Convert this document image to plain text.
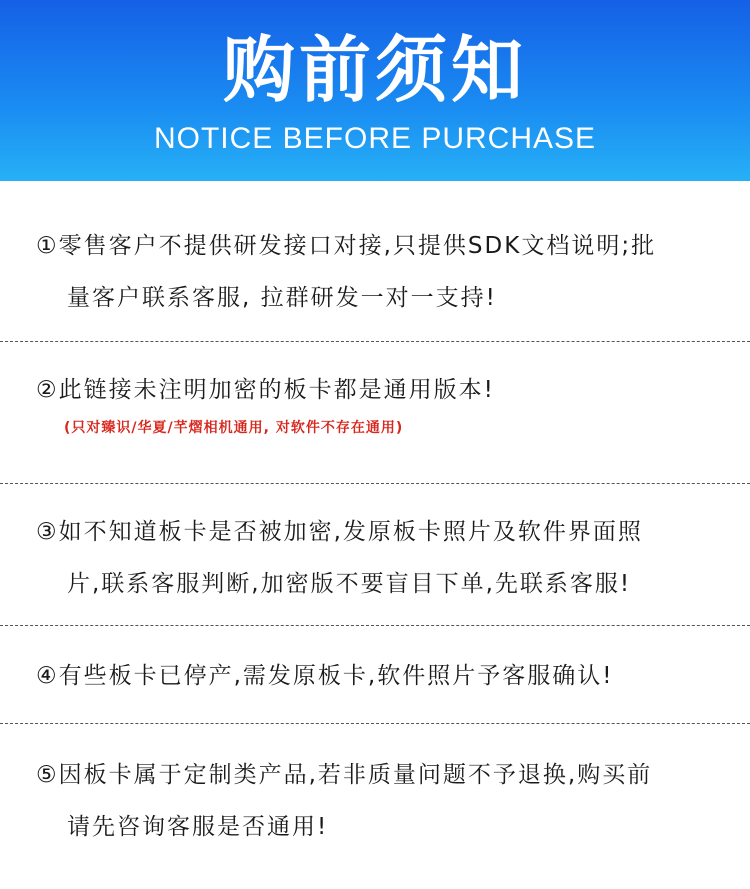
购前须知
NOTICE BEFORE PURCHASE
①零售客户不提供研发接口对接,只提供SDK文档说明;批
量客户联系客服, 拉群研发一对一支持!
②此链接未注明加密的板卡都是通用版本!
(只对臻识/华夏/芊熠相机通用, 对软件不存在通用)
③如不知道板卡是否被加密,发原板卡照片及软件界面照
片,联系客服判断,加密版不要盲目下单,先联系客服!
④有些板卡已停产,需发原板卡,软件照片予客服确认!
⑤因板卡属于定制类产品,若非质量问题不予退换,购买前
请先咨询客服是否通用!
